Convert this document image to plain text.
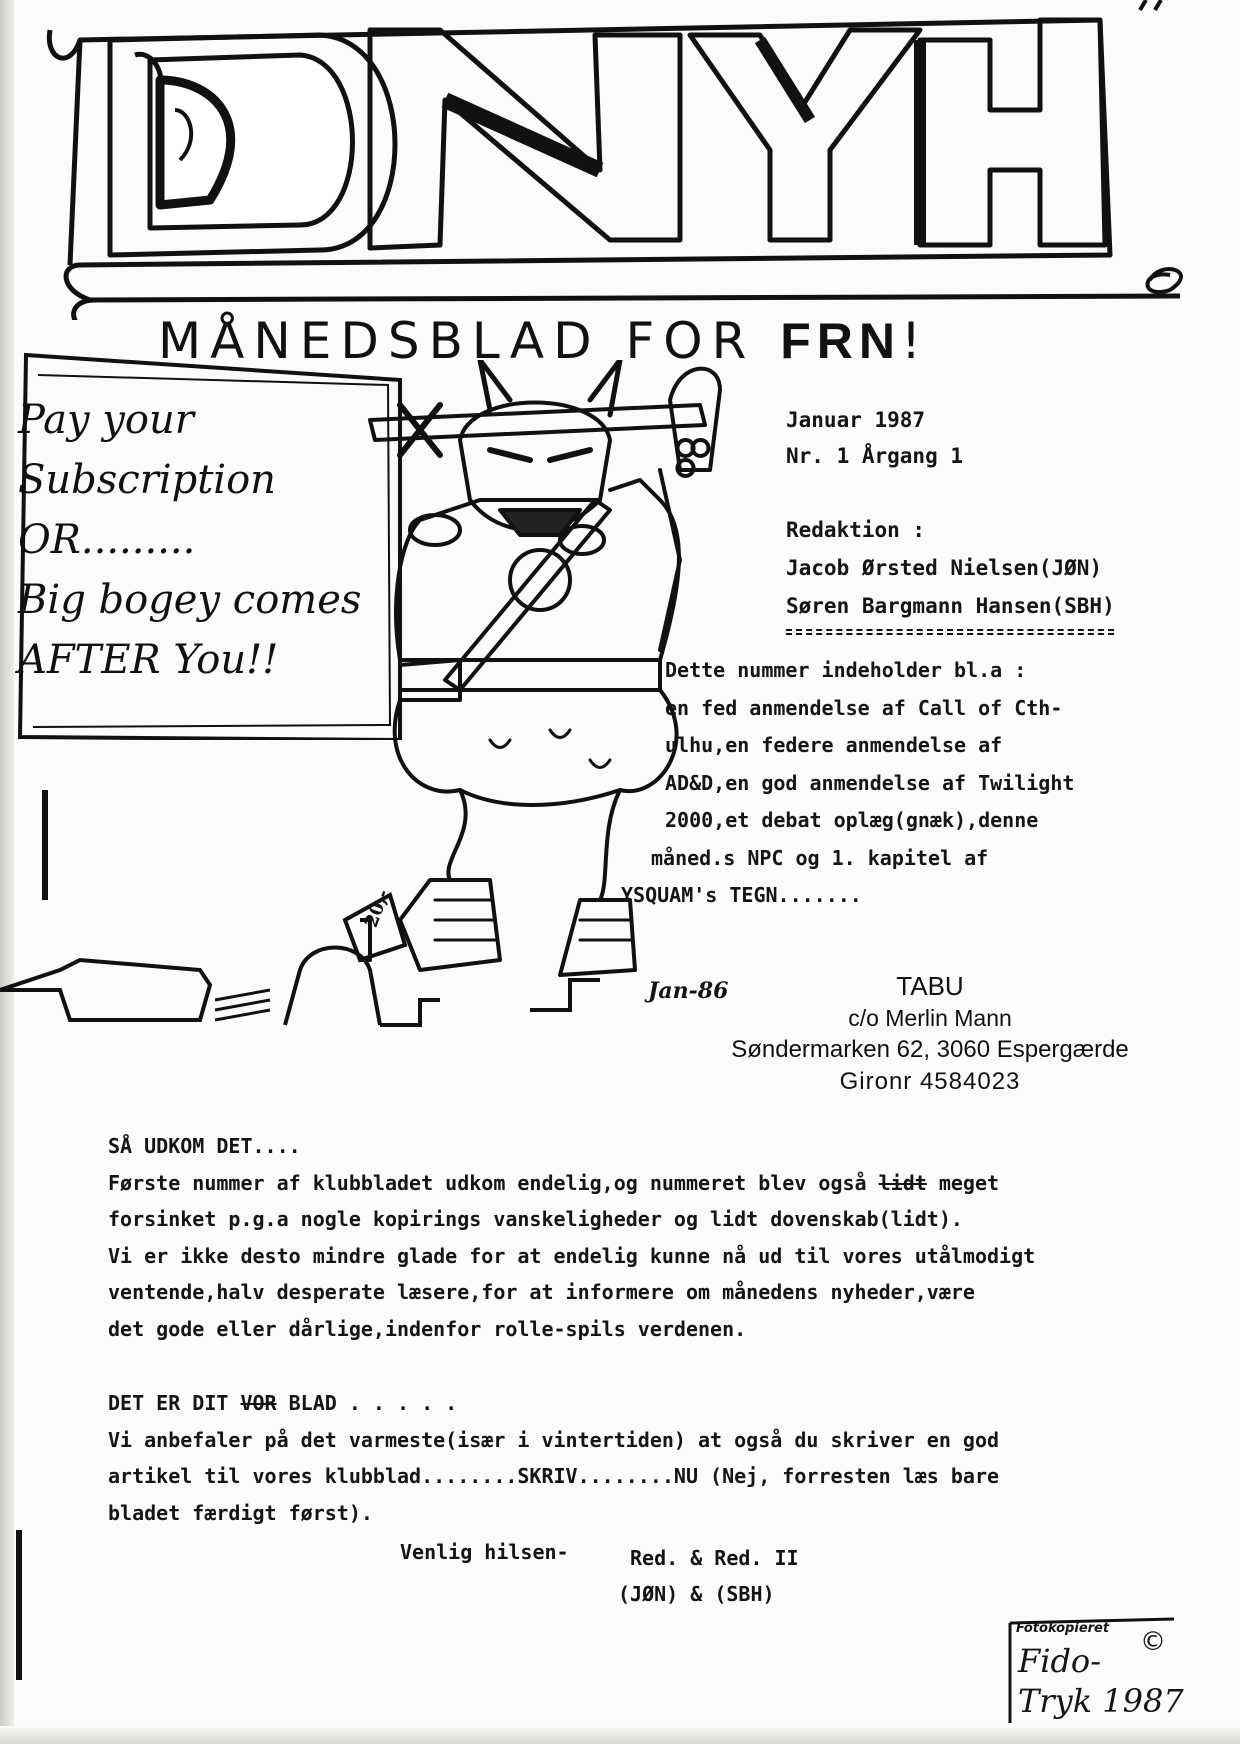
MÅNEDSBLAD FOR FRN!
Pay your
Subscription
OR.........
Big bogey comes
AFTER You!!
20,-
Jan-86
Januar 1987
Nr. 1 Årgang 1
Redaktion :
Jacob Ørsted Nielsen(JØN)
Søren Bargmann Hansen(SBH)
Dette nummer indeholder bl.a :
en fed anmendelse af Call of Cth-
ulhu,en federe anmendelse af
AD&D,en god anmendelse af Twilight
2000,et debat oplæg(gnæk),denne
måned.s NPC og 1. kapitel af
YSQUAM's TEGN.......
TABU
c/o Merlin Mann
Søndermarken 62, 3060 Espergærde
Gironr 4584023
SÅ UDKOM DET....
Første nummer af klubbladet udkom endelig,og nummeret blev også lidt meget
forsinket p.g.a nogle kopirings vanskeligheder og lidt dovenskab(lidt).
Vi er ikke desto mindre glade for at endelig kunne nå ud til vores utålmodigt
ventende,halv desperate læsere,for at informere om månedens nyheder,være
det gode eller dårlige,indenfor rolle-spils verdenen.
DET ER DIT VOR BLAD . . . . .
Vi anbefaler på det varmeste(især i vintertiden) at også du skriver en god
artikel til vores klubblad........SKRIV........NU (Nej, forresten læs bare
bladet færdigt først).
Venlig hilsen-	Red. & Red. II
(JØN) & (SBH)
Fotokopieret ©
Fido-
Tryk 1987
